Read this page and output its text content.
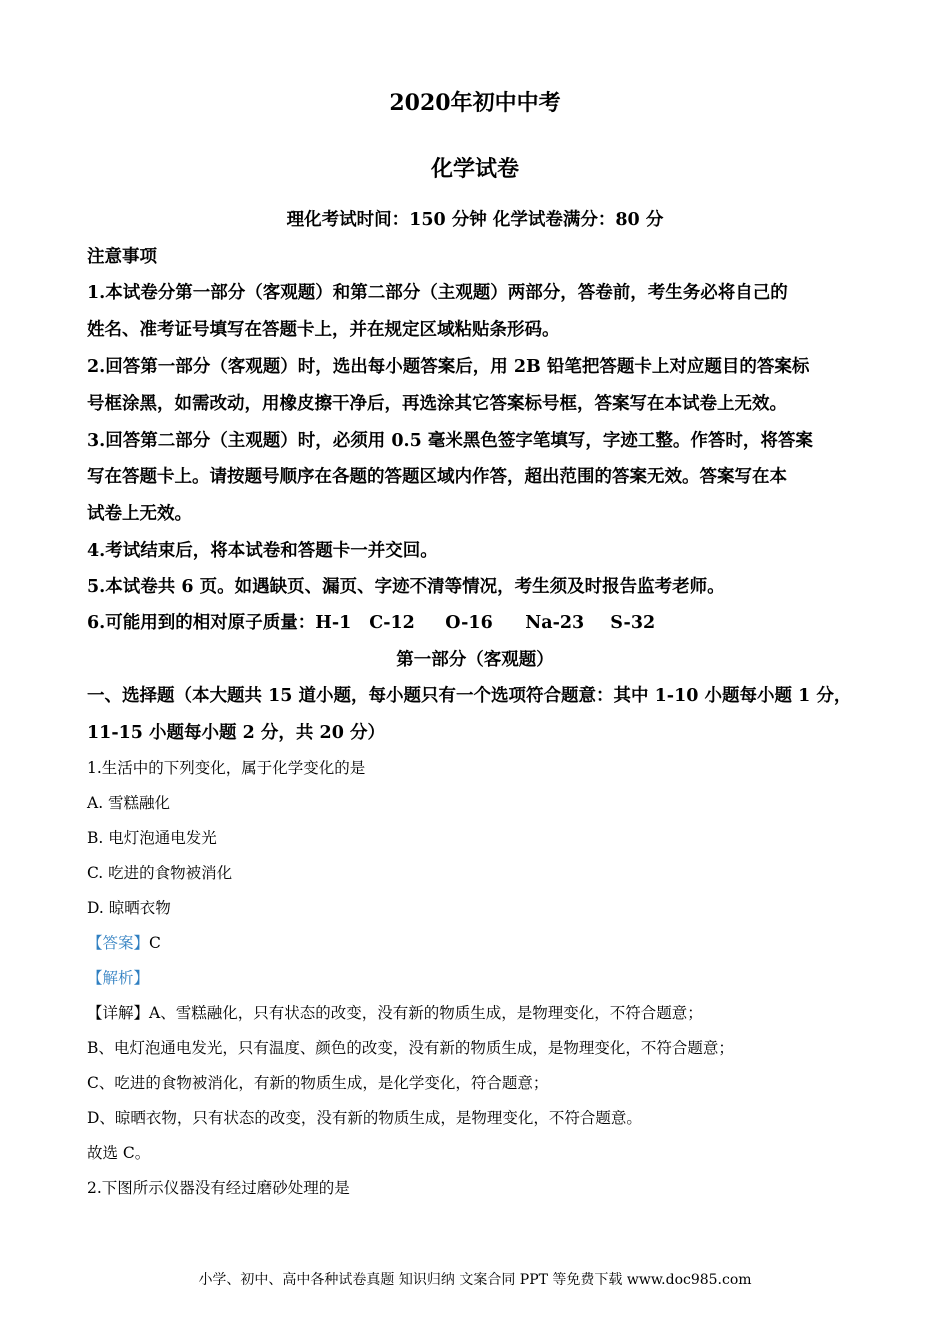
2020年初中中考
化学试卷
理化考试时间：150 分钟 化学试卷满分：80 分
注意事项
1.本试卷分第一部分（客观题）和第二部分（主观题）两部分，答卷前，考生务必将自己的
姓名、准考证号填写在答题卡上，并在规定区域粘贴条形码。
2.回答第一部分（客观题）时，选出每小题答案后，用 2B 铅笔把答题卡上对应题目的答案标
号框涂黑，如需改动，用橡皮擦干净后，再选涂其它答案标号框，答案写在本试卷上无效。
3.回答第二部分（主观题）时，必须用 0.5 毫米黑色签字笔填写，字迹工整。作答时，将答案
写在答题卡上。请按题号顺序在各题的答题区域内作答，超出范围的答案无效。答案写在本
试卷上无效。
4.考试结束后，将本试卷和答题卡一并交回。
5.本试卷共 6 页。如遇缺页、漏页、字迹不清等情况，考生须及时报告监考老师。
6.可能用到的相对原子质量：H-1 C-12 O-16 Na-23 S-32
第一部分（客观题）
一、选择题（本大题共 15 道小题，每小题只有一个选项符合题意：其中 1-10 小题每小题 1 分，
11-15 小题每小题 2 分，共 20 分）
1.生活中的下列变化，属于化学变化的是
A. 雪糕融化
B. 电灯泡通电发光
C. 吃进的食物被消化
D. 晾晒衣物
【答案】C
【解析】
【详解】A、雪糕融化，只有状态的改变，没有新的物质生成，是物理变化，不符合题意；
B、电灯泡通电发光，只有温度、颜色的改变，没有新的物质生成，是物理变化，不符合题意；
C、吃进的食物被消化，有新的物质生成，是化学变化，符合题意；
D、晾晒衣物，只有状态的改变，没有新的物质生成，是物理变化，不符合题意。
故选 C。
2.下图所示仪器没有经过磨砂处理的是
小学、初中、高中各种试卷真题 知识归纳 文案合同 PPT 等免费下载 www.doc985.com
